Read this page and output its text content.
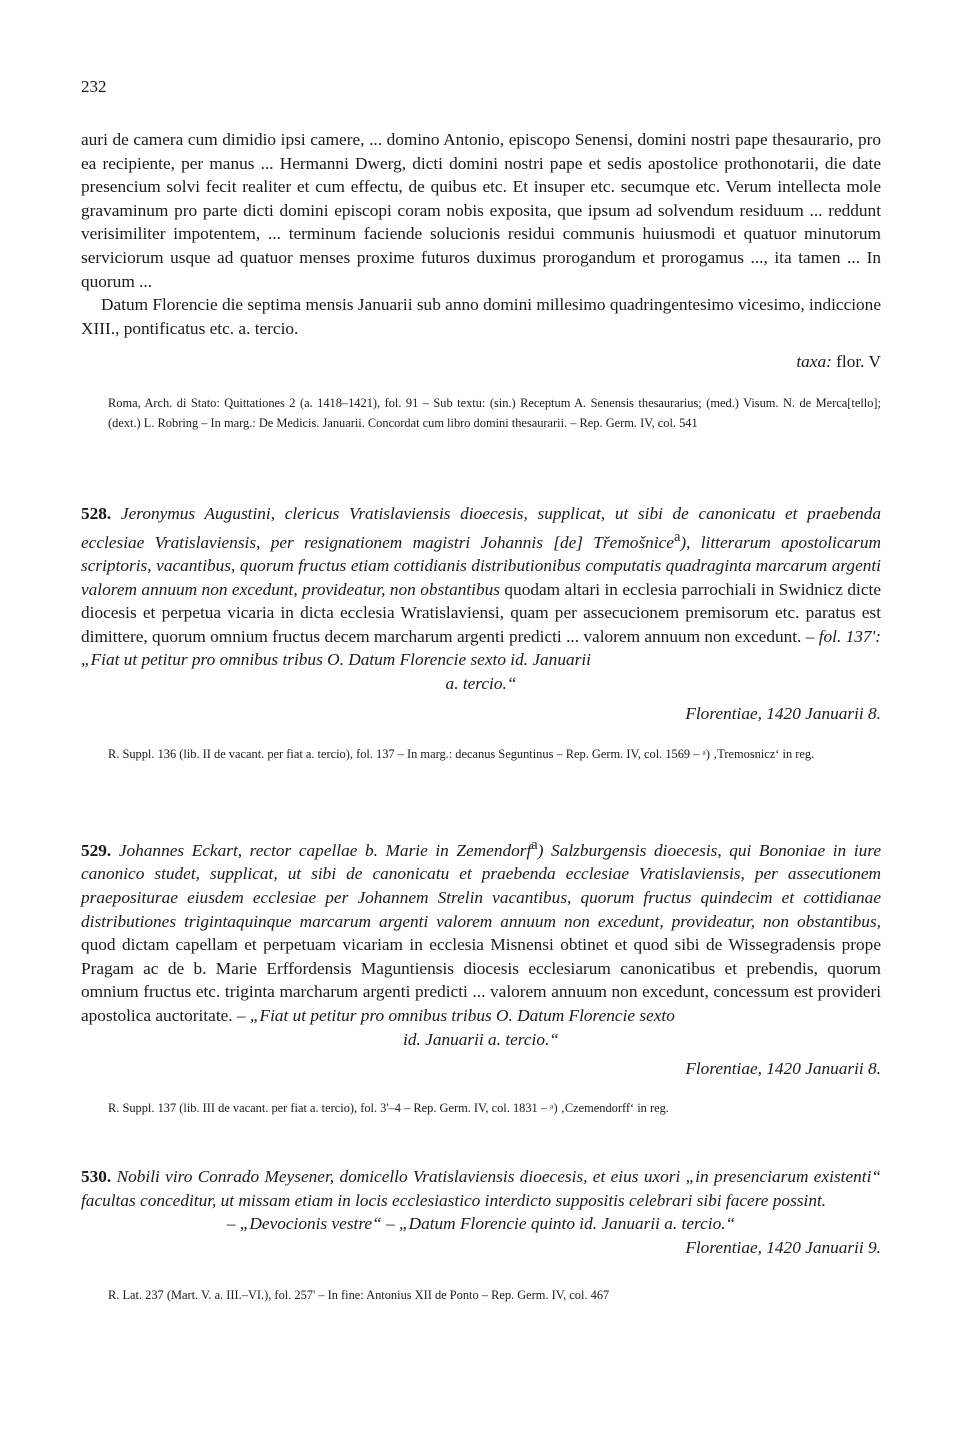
232

auri de camera cum dimidio ipsi camere, ... domino Antonio, episcopo Senensi, domini nostri pape thesaurario, pro ea recipiente, per manus ... Hermanni Dwerg, dicti domini nostri pape et sedis apostolice prothonotarii, die date presencium solvi fecit realiter et cum effectu, de quibus etc. Et insuper etc. secumque etc. Verum intellecta mole gravaminum pro parte dicti domini episcopi coram nobis exposita, que ipsum ad solvendum residuum ... reddunt verisimiliter impotentem, ... terminum faciende solucionis residui communis huiusmodi et quatuor minutorum serviciorum usque ad quatuor menses proxime futuros duximus prorogandum et prorogamus ..., ita tamen ... In quorum ...

Datum Florencie die septima mensis Januarii sub anno domini millesimo quadringentesimo vicesimo, indiccione XIII., pontificatus etc. a. tercio.

taxa: flor. V

Roma, Arch. di Stato: Quittationes 2 (a. 1418–1421), fol. 91 – Sub textu: (sin.) Receptum A. Senensis thesaurarius; (med.) Visum. N. de Merca[tello]; (dext.) L. Robring – In marg.: De Medicis. Januarii. Concordat cum libro domini thesaurarii. – Rep. Germ. IV, col. 541

528. Jeronymus Augustini, clericus Vratislaviensis dioecesis, supplicat, ut sibi de canonicatu et praebenda ecclesiae Vratislaviensis, per resignationem magistri Johannis [de] Třemošnice$^a$), litterarum apostolicarum scriptoris, vacantibus, quorum fructus etiam cottidianis distributionibus computatis quadraginta marcarum argenti valorem annuum non excedunt, provideatur, non obstantibus quodam altari in ecclesia parrochiali in Swidnicz dicte diocesis et perpetua vicaria in dicta ecclesia Wratislaviensi, quam per assecucionem premisorum etc. paratus est dimittere, quorum omnium fructus decem marcharum argenti predicti ... valorem annuum non excedunt. – fol. 137': „Fiat ut petitur pro omnibus tribus O. Datum Florencie sexto id. Januarii

a. tercio.“

Florentiae, 1420 Januarii 8.

R. Suppl. 136 (lib. II de vacant. per fiat a. tercio), fol. 137 – In marg.: decanus Seguntinus – Rep. Germ. IV, col. 1569 – ᵃ) ‚Tremosnicz‘ in reg.

529. Johannes Eckart, rector capellae b. Marie in Zemendorf$^a$) Salzburgensis dioecesis, qui Bononiae in iure canonico studet, supplicat, ut sibi de canonicatu et praebenda ecclesiae Vratislaviensis, per assecutionem praepositurae eiusdem ecclesiae per Johannem Strelin vacantibus, quorum fructus quindecim et cottidianae distributiones trigintaquinque marcarum argenti valorem annuum non excedunt, provideatur, non obstantibus, quod dictam capellam et perpetuam vicariam in ecclesia Misnensi obtinet et quod sibi de Wissegradensis prope Pragam ac de b. Marie Erffordensis Maguntiensis diocesis ecclesiarum canonicatibus et prebendis, quorum omnium fructus etc. triginta marcharum argenti predicti ... valorem annuum non excedunt, concessum est provideri apostolica auctoritate. – „Fiat ut petitur pro omnibus tribus O. Datum Florencie sexto

id. Januarii a. tercio.“

Florentiae, 1420 Januarii 8.

R. Suppl. 137 (lib. III de vacant. per fiat a. tercio), fol. 3'–4 – Rep. Germ. IV, col. 1831 – ᵃ) ‚Czemendorff‘ in reg.

530. Nobili viro Conrado Meysener, domicello Vratislaviensis dioecesis, et eius uxori „in presenciarum existenti“ facultas conceditur, ut missam etiam in locis ecclesiastico interdicto suppositis celebrari sibi facere possint.

– „Devocionis vestre“ – „Datum Florencie quinto id. Januarii a. tercio.“

Florentiae, 1420 Januarii 9.

R. Lat. 237 (Mart. V. a. III.–VI.), fol. 257' – In fine: Antonius XII de Ponto – Rep. Germ. IV, col. 467
